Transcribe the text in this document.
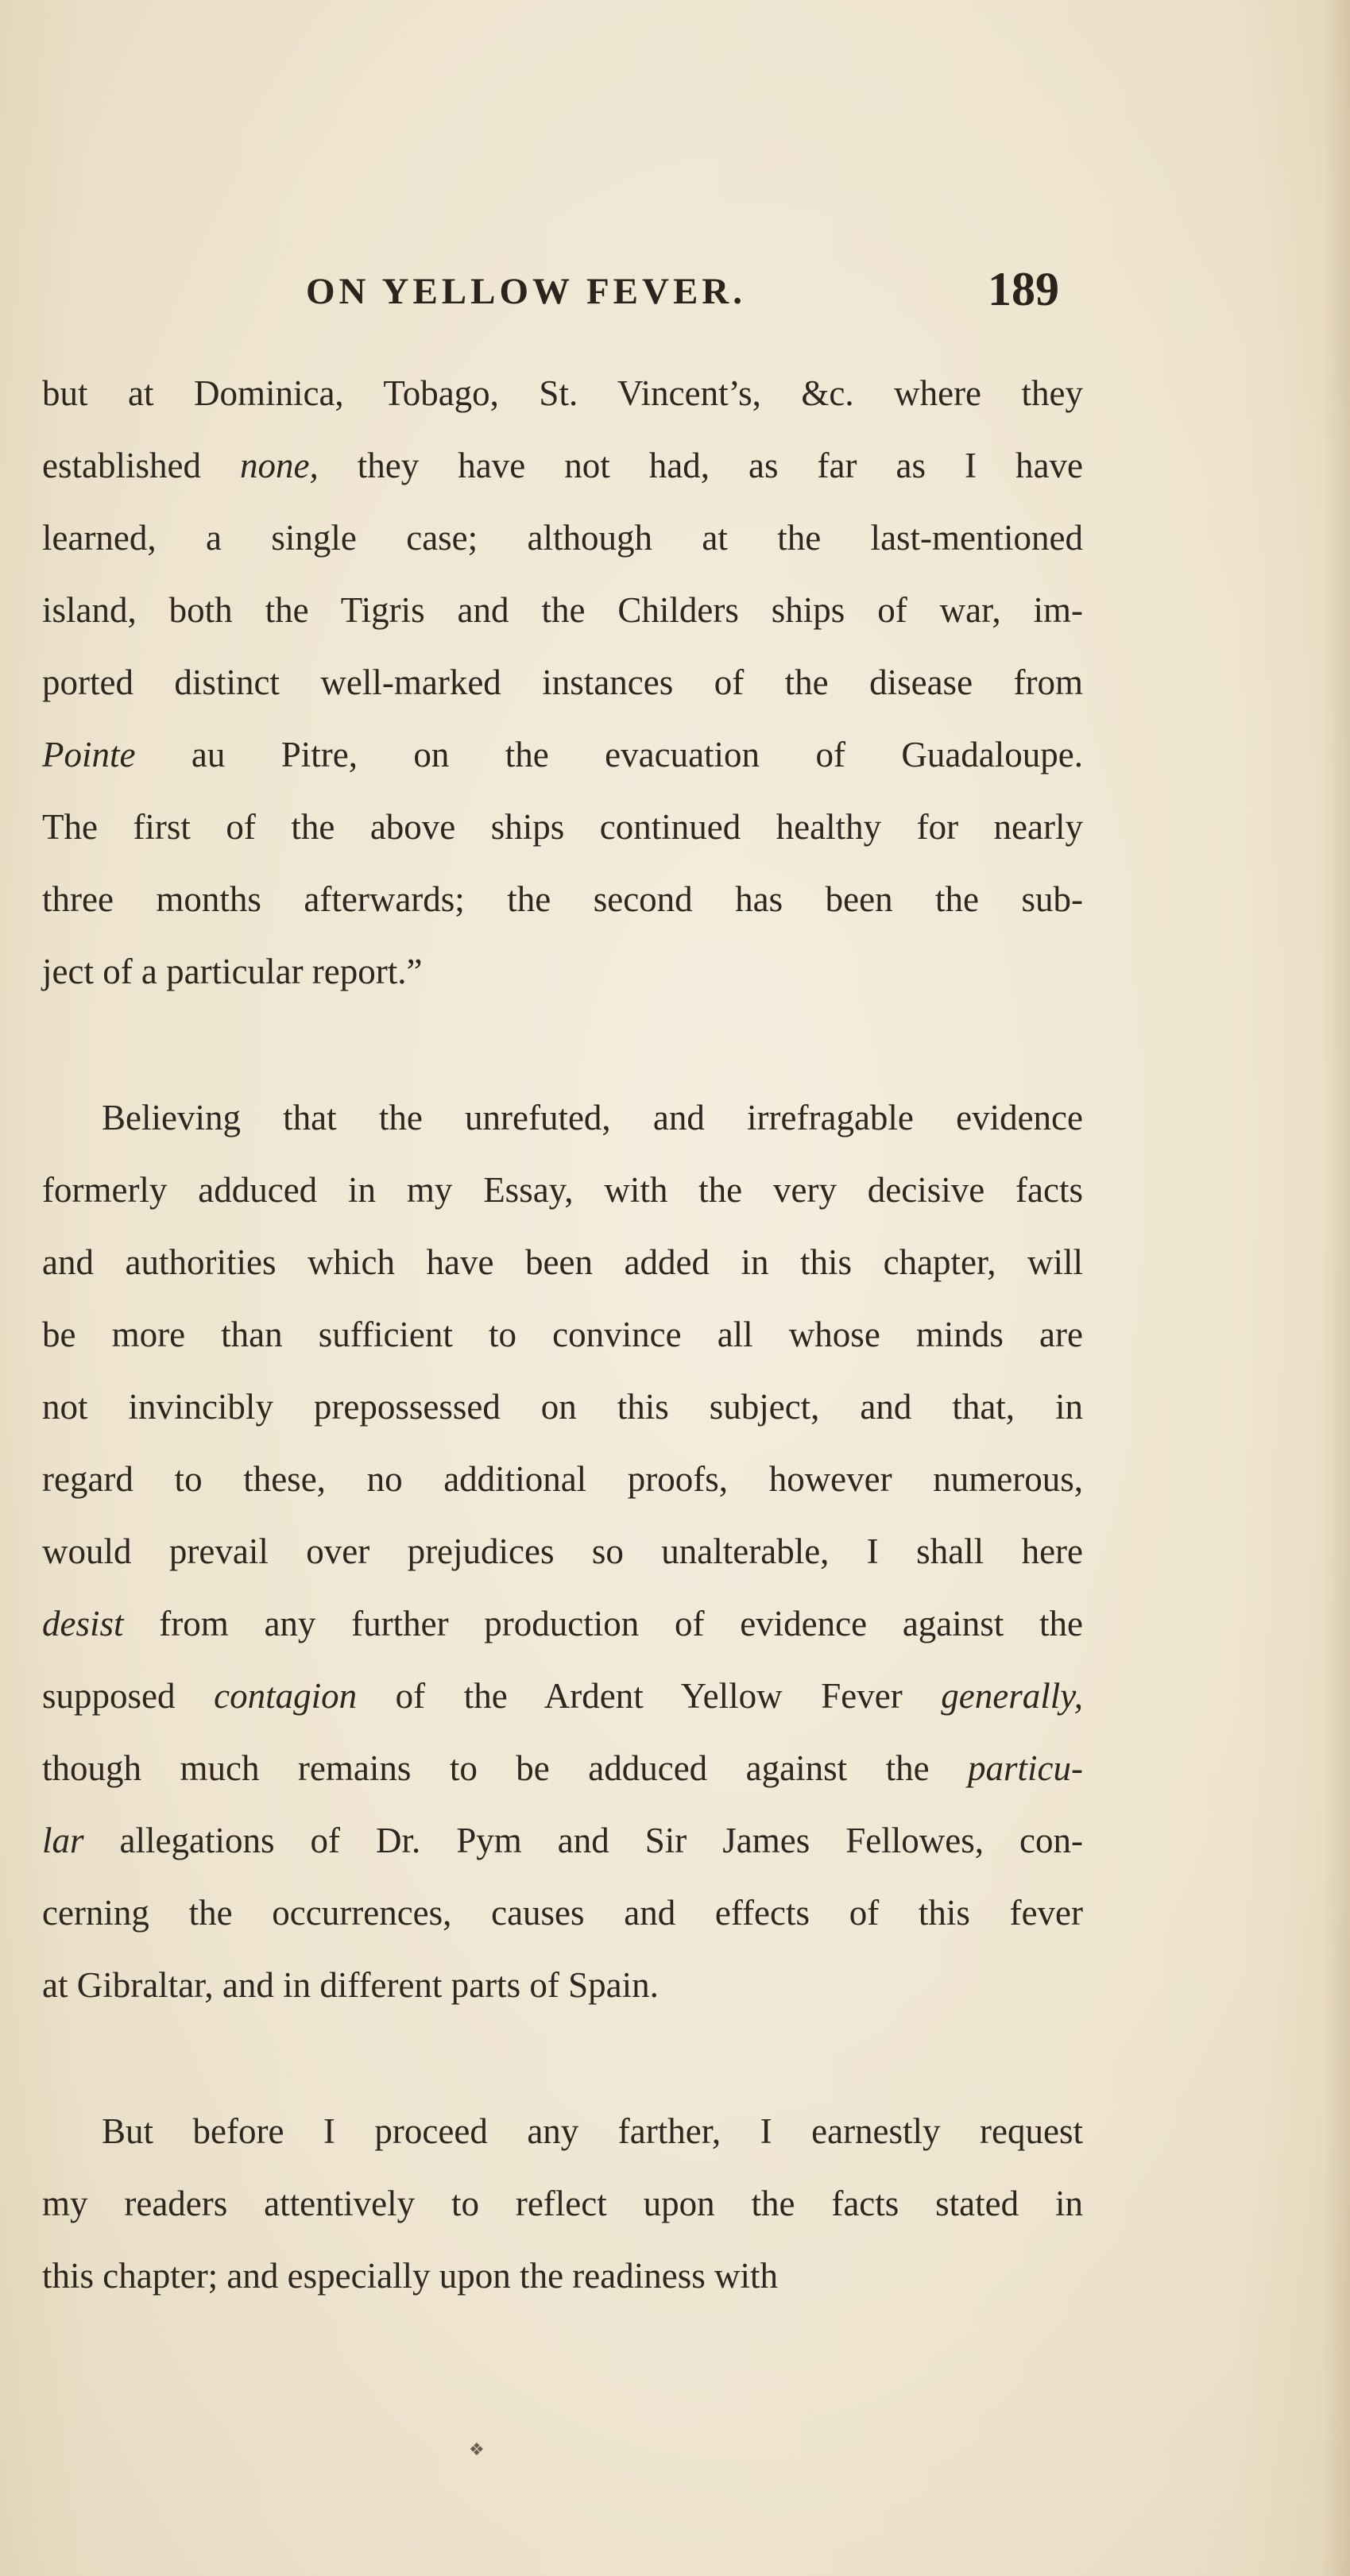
ON YELLOW FEVER.	189
but at Dominica, Tobago, St. Vincent’s, &c. where they
established none, they have not had, as far as I have
learned, a single case; although at the last-mentioned
island, both the Tigris and the Childers ships of war, im-
ported distinct well-marked instances of the disease from
Pointe au Pitre, on the evacuation of Guadaloupe.
The first of the above ships continued healthy for nearly
three months afterwards; the second has been the sub-
ject of a particular report.”
Believing that the unrefuted, and irrefragable evidence
formerly adduced in my Essay, with the very decisive facts
and authorities which have been added in this chapter, will
be more than sufficient to convince all whose minds are
not invincibly prepossessed on this subject, and that, in
regard to these, no additional proofs, however numerous,
would prevail over prejudices so unalterable, I shall here
desist from any further production of evidence against the
supposed contagion of the Ardent Yellow Fever generally,
though much remains to be adduced against the particu-
lar allegations of Dr. Pym and Sir James Fellowes, con-
cerning the occurrences, causes and effects of this fever
at Gibraltar, and in different parts of Spain.
But before I proceed any farther, I earnestly request
my readers attentively to reflect upon the facts stated in
this chapter; and especially upon the readiness with
❖
